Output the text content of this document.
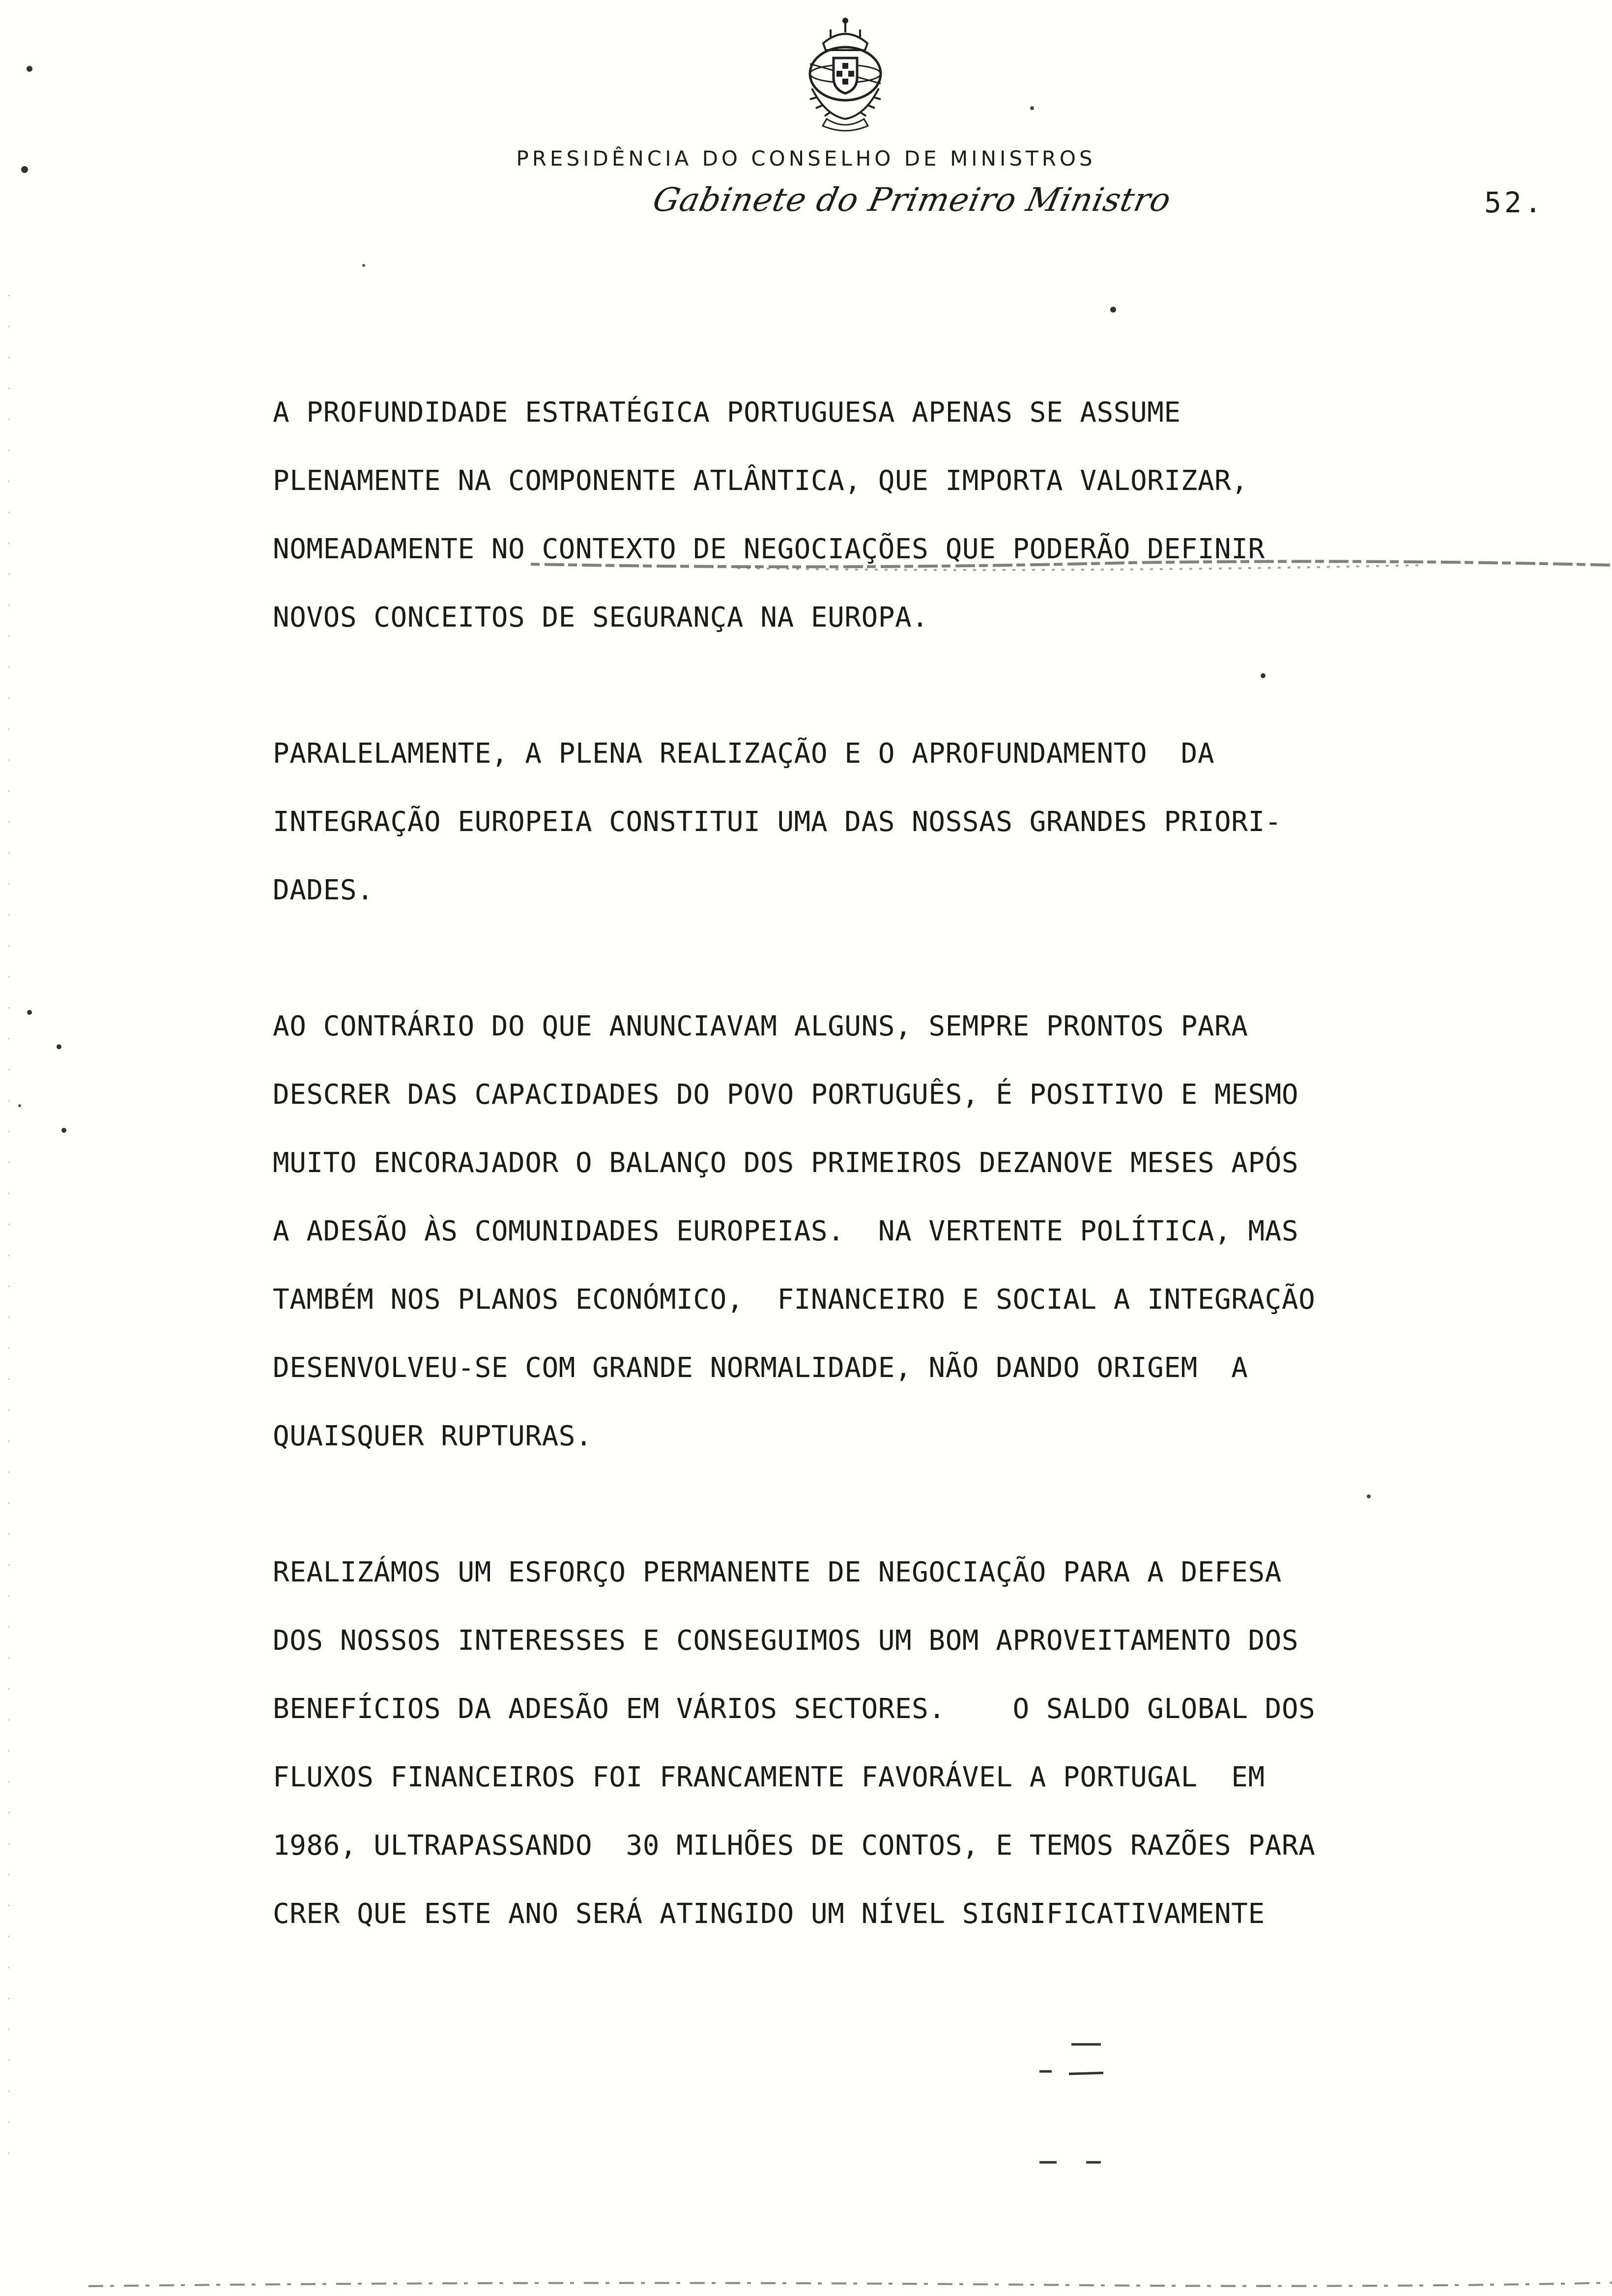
PRESIDÊNCIA DO CONSELHO DE MINISTROS
Gabinete do Primeiro Ministro	52.
A PROFUNDIDADE ESTRATÉGICA PORTUGUESA APENAS SE ASSUME
PLENAMENTE NA COMPONENTE ATLÂNTICA, QUE IMPORTA VALORIZAR,
NOMEADAMENTE NO CONTEXTO DE NEGOCIAÇÕES QUE PODERÃO DEFINIR
NOVOS CONCEITOS DE SEGURANÇA NA EUROPA.
PARALELAMENTE, A PLENA REALIZAÇÃO E O APROFUNDAMENTO  DA
INTEGRAÇÃO EUROPEIA CONSTITUI UMA DAS NOSSAS GRANDES PRIORI-
DADES.
AO CONTRÁRIO DO QUE ANUNCIAVAM ALGUNS, SEMPRE PRONTOS PARA
DESCRER DAS CAPACIDADES DO POVO PORTUGUÊS, É POSITIVO E MESMO
MUITO ENCORAJADOR O BALANÇO DOS PRIMEIROS DEZANOVE MESES APÓS
A ADESÃO ÀS COMUNIDADES EUROPEIAS.  NA VERTENTE POLÍTICA, MAS
TAMBÉM NOS PLANOS ECONÓMICO,  FINANCEIRO E SOCIAL A INTEGRAÇÃO
DESENVOLVEU-SE COM GRANDE NORMALIDADE, NÃO DANDO ORIGEM  A
QUAISQUER RUPTURAS.
REALIZÁMOS UM ESFORÇO PERMANENTE DE NEGOCIAÇÃO PARA A DEFESA
DOS NOSSOS INTERESSES E CONSEGUIMOS UM BOM APROVEITAMENTO DOS
BENEFÍCIOS DA ADESÃO EM VÁRIOS SECTORES.    O SALDO GLOBAL DOS
FLUXOS FINANCEIROS FOI FRANCAMENTE FAVORÁVEL A PORTUGAL  EM
1986, ULTRAPASSANDO  30 MILHÕES DE CONTOS, E TEMOS RAZÕES PARA
CRER QUE ESTE ANO SERÁ ATINGIDO UM NÍVEL SIGNIFICATIVAMENTE
